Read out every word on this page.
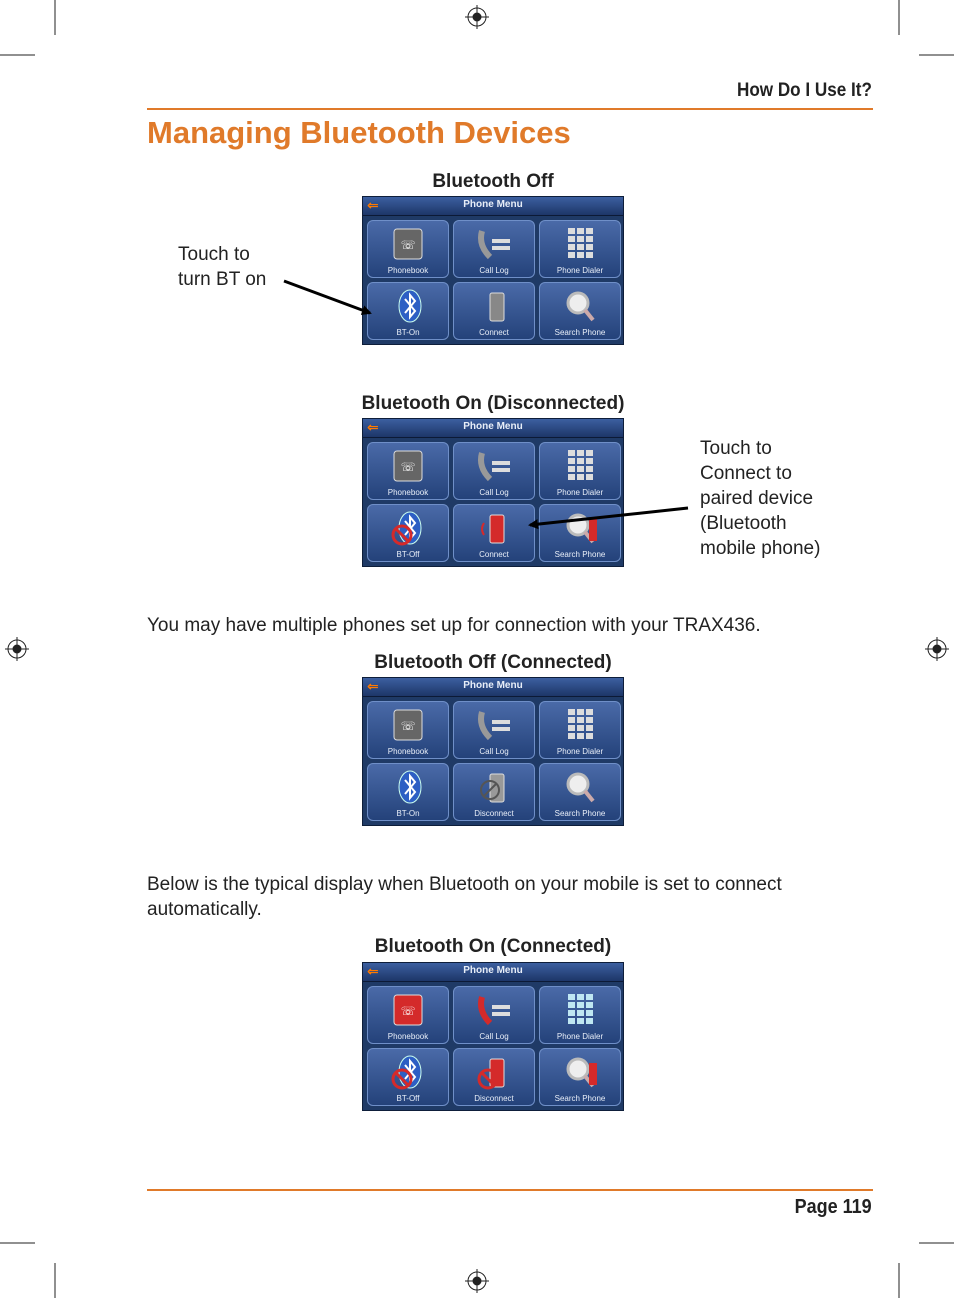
How Do I Use It?
Managing Bluetooth Devices
Bluetooth Off
⇐	Phone Menu
☏
Phonebook	Call Log	Phone Dialer
BT-On	Connect	Search Phone
Touch to
turn BT on
Bluetooth On (Disconnected)
⇐	Phone Menu
☏
Phonebook	Call Log	Phone Dialer
BT-Off	Connect	Search Phone
Touch to
Connect to
paired device
(Bluetooth
mobile phone)
You may have multiple phones set up for connection with your TRAX436.
Bluetooth Off (Connected)
⇐	Phone Menu
☏
Phonebook	Call Log	Phone Dialer
BT-On	Disconnect	Search Phone
Below is the typical display when Bluetooth on your mobile is set to connect automatically.
Bluetooth On (Connected)
⇐	Phone Menu
☏
Phonebook	Call Log	Phone Dialer
BT-Off	Disconnect	Search Phone
Page 119
